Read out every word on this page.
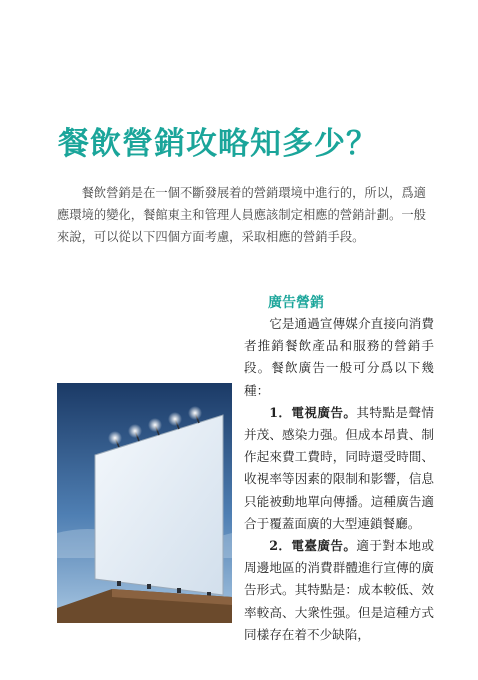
餐飲營銷攻略知多少？
餐飲營銷是在一個不斷發展着的營銷環境中進行的，所以，爲適應環境的變化，餐館東主和管理人員應該制定相應的營銷計劃。一般來說，可以從以下四個方面考慮，采取相應的營銷手段。
廣告營銷

它是通過宣傳媒介直接向消費者推銷餐飲產品和服務的營銷手段。餐飲廣告一般可分爲以下幾種：

1．電視廣告。其特點是聲情并茂、感染力强。但成本昂貴、制作起來費工費時，同時還受時間、收視率等因素的限制和影響，信息只能被動地單向傳播。這種廣告適合于覆蓋面廣的大型連鎖餐廳。

2．電臺廣告。適于對本地或周邊地區的消費群體進行宣傳的廣告形式。其特點是：成本較低、效率較高、大衆性强。但是這種方式同樣存在着不少缺陷，
